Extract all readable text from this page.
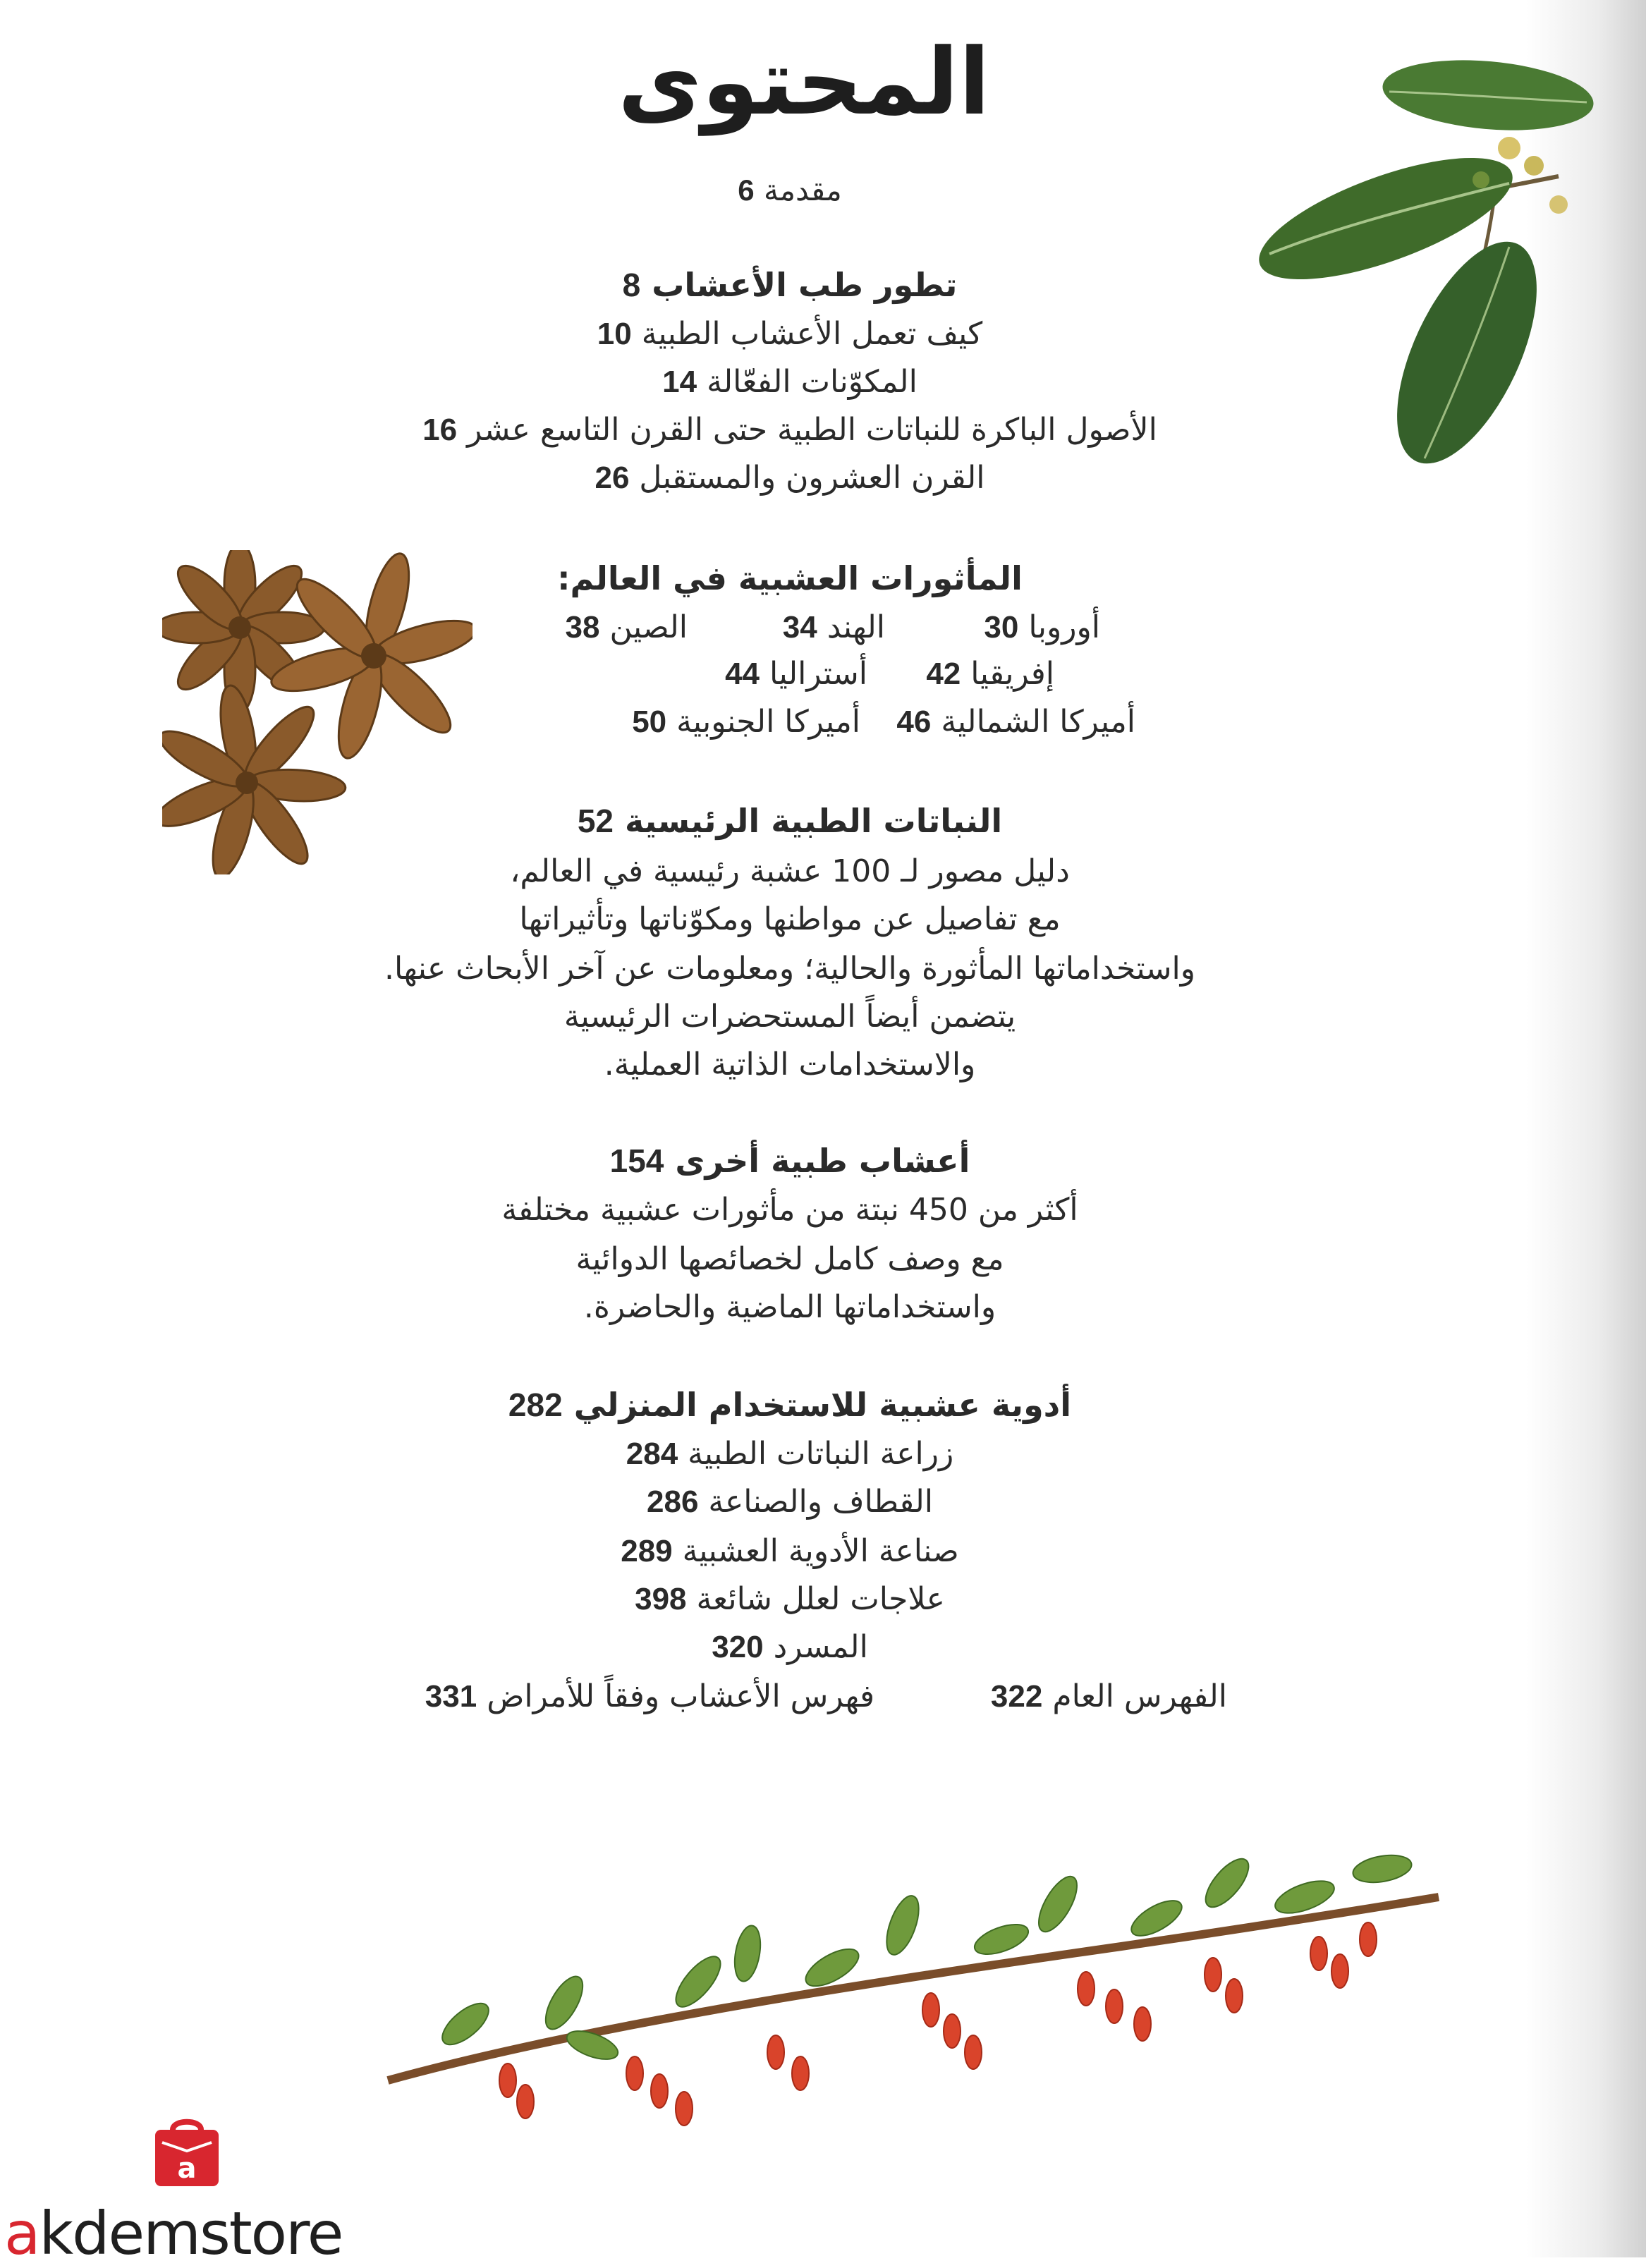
المحتوى
مقدمة 6
تطور طب الأعشاب 8
كيف تعمل الأعشاب الطبية 10
المكوّنات الفعّالة 14
الأصول الباكرة للنباتات الطبية حتى القرن التاسع عشر 16
القرن العشرون والمستقبل 26
المأثورات العشبية في العالم:
أوروبا 30
الهند 34
الصين 38
إفريقيا 42
أستراليا 44
أميركا الشمالية 46
أميركا الجنوبية 50
النباتات الطبية الرئيسية 52
دليل مصور لـ 100 عشبة رئيسية في العالم،
مع تفاصيل عن مواطنها ومكوّناتها وتأثيراتها
واستخداماتها المأثورة والحالية؛ ومعلومات عن آخر الأبحاث عنها.
يتضمن أيضاً المستحضرات الرئيسية
والاستخدامات الذاتية العملية.
أعشاب طبية أخرى 154
أكثر من 450 نبتة من مأثورات عشبية مختلفة
مع وصف كامل لخصائصها الدوائية
واستخداماتها الماضية والحاضرة.
أدوية عشبية للاستخدام المنزلي 282
زراعة النباتات الطبية 284
القطاف والصناعة 286
صناعة الأدوية العشبية 289
علاجات لعلل شائعة 398
المسرد 320
الفهرس العام 322
فهرس الأعشاب وفقاً للأمراض 331
a
akdemstore
